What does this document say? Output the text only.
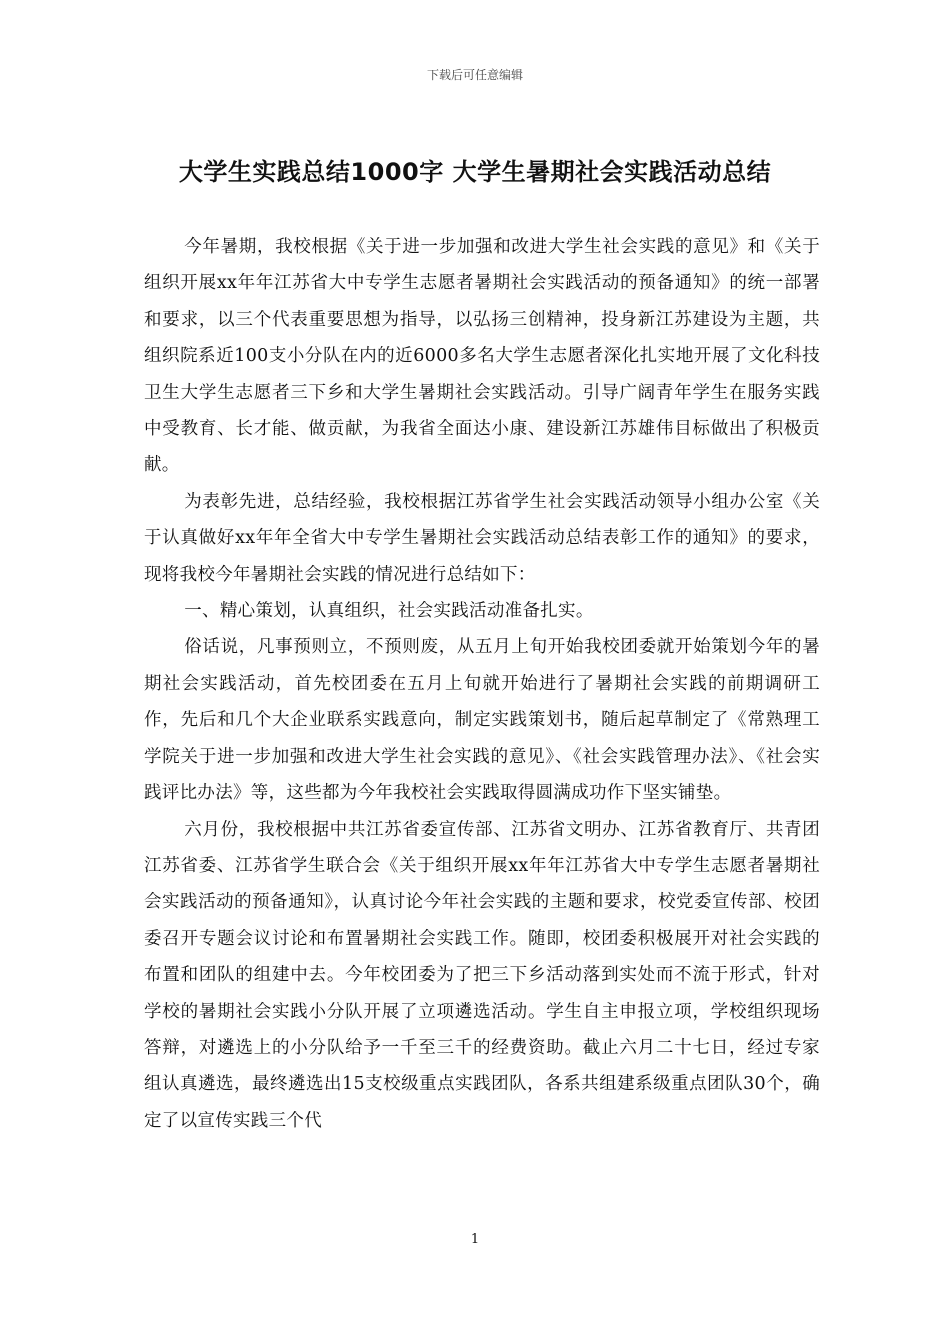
下载后可任意编辑
大学生实践总结1000字 大学生暑期社会实践活动总结

今年暑期，我校根据《关于进一步加强和改进大学生社会实践的意见》和《关于组织开展xx年年江苏省大中专学生志愿者暑期社会实践活动的预备通知》的统一部署和要求，以三个代表重要思想为指导，以弘扬三创精神，投身新江苏建设为主题，共组织院系近100支小分队在内的近6000多名大学生志愿者深化扎实地开展了文化科技卫生大学生志愿者三下乡和大学生暑期社会实践活动。引导广阔青年学生在服务实践中受教育、长才能、做贡献，为我省全面达小康、建设新江苏雄伟目标做出了积极贡献。

为表彰先进，总结经验，我校根据江苏省学生社会实践活动领导小组办公室《关于认真做好xx年年全省大中专学生暑期社会实践活动总结表彰工作的通知》的要求，现将我校今年暑期社会实践的情况进行总结如下：

一、精心策划，认真组织，社会实践活动准备扎实。

俗话说，凡事预则立，不预则废，从五月上旬开始我校团委就开始策划今年的暑期社会实践活动，首先校团委在五月上旬就开始进行了暑期社会实践的前期调研工作，先后和几个大企业联系实践意向，制定实践策划书，随后起草制定了《常熟理工学院关于进一步加强和改进大学生社会实践的意见》、《社会实践管理办法》、《社会实践评比办法》等，这些都为今年我校社会实践取得圆满成功作下坚实铺垫。

六月份，我校根据中共江苏省委宣传部、江苏省文明办、江苏省教育厅、共青团江苏省委、江苏省学生联合会《关于组织开展xx年年江苏省大中专学生志愿者暑期社会实践活动的预备通知》，认真讨论今年社会实践的主题和要求，校党委宣传部、校团委召开专题会议讨论和布置暑期社会实践工作。随即，校团委积极展开对社会实践的布置和团队的组建中去。今年校团委为了把三下乡活动落到实处而不流于形式，针对学校的暑期社会实践小分队开展了立项遴选活动。学生自主申报立项，学校组织现场答辩，对遴选上的小分队给予一千至三千的经费资助。截止六月二十七日，经过专家组认真遴选，最终遴选出15支校级重点实践团队，各系共组建系级重点团队30个，确定了以宣传实践三个代

1
